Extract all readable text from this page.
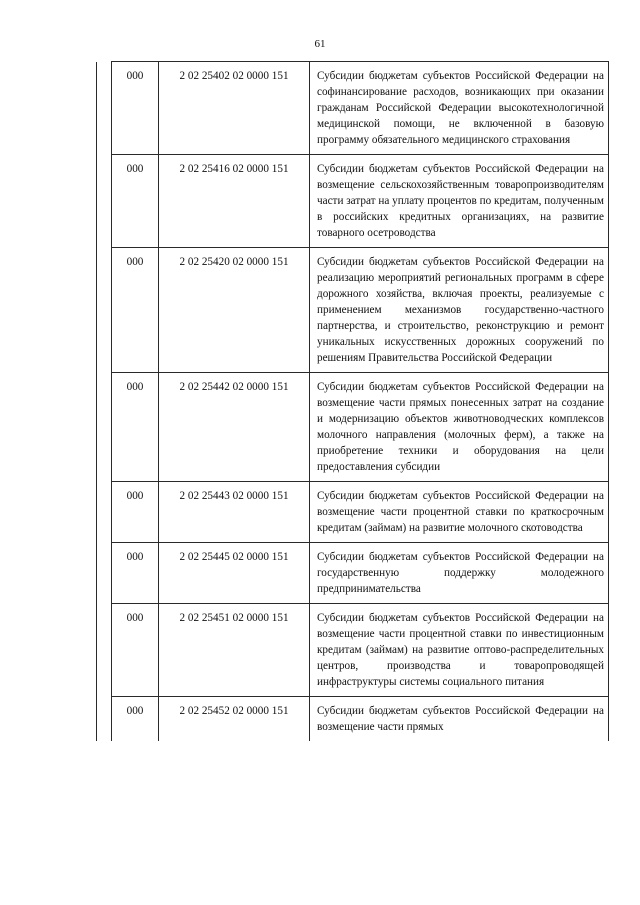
61
	000	2 02 25402 02 0000 151	Субсидии бюджетам субъектов Российской Федерации на софинансирование расходов, возникающих при оказании гражданам Российской Федерации высокотехнологичной медицинской помощи, не включенной в базовую программу обязательного медицинского страхования
	000	2 02 25416 02 0000 151	Субсидии бюджетам субъектов Российской Федерации на возмещение сельскохозяйственным товаропроизводителям части затрат на уплату процентов по кредитам, полученным в российских кредитных организациях, на развитие товарного осетроводства
	000	2 02 25420 02 0000 151	Субсидии бюджетам субъектов Российской Федерации на реализацию мероприятий региональных программ в сфере дорожного хозяйства, включая проекты, реализуемые с применением механизмов государственно-частного партнерства, и строительство, реконструкцию и ремонт уникальных искусственных дорожных сооружений по решениям Правительства Российской Федерации
	000	2 02 25442 02 0000 151	Субсидии бюджетам субъектов Российской Федерации на возмещение части прямых понесенных затрат на создание и модернизацию объектов животноводческих комплексов молочного направления (молочных ферм), а также на приобретение техники и оборудования на цели предоставления субсидии
	000	2 02 25443 02 0000 151	Субсидии бюджетам субъектов Российской Федерации на возмещение части процентной ставки по краткосрочным кредитам (займам) на развитие молочного скотоводства
	000	2 02 25445 02 0000 151	Субсидии бюджетам субъектов Российской Федерации на государственную поддержку молодежного предпринимательства
	000	2 02 25451 02 0000 151	Субсидии бюджетам субъектов Российской Федерации на возмещение части процентной ставки по инвестиционным кредитам (займам) на развитие оптово-распределительных центров, производства и товаропроводящей инфраструктуры системы социального питания
	000	2 02 25452 02 0000 151	Субсидии бюджетам субъектов Российской Федерации на возмещение части прямых
